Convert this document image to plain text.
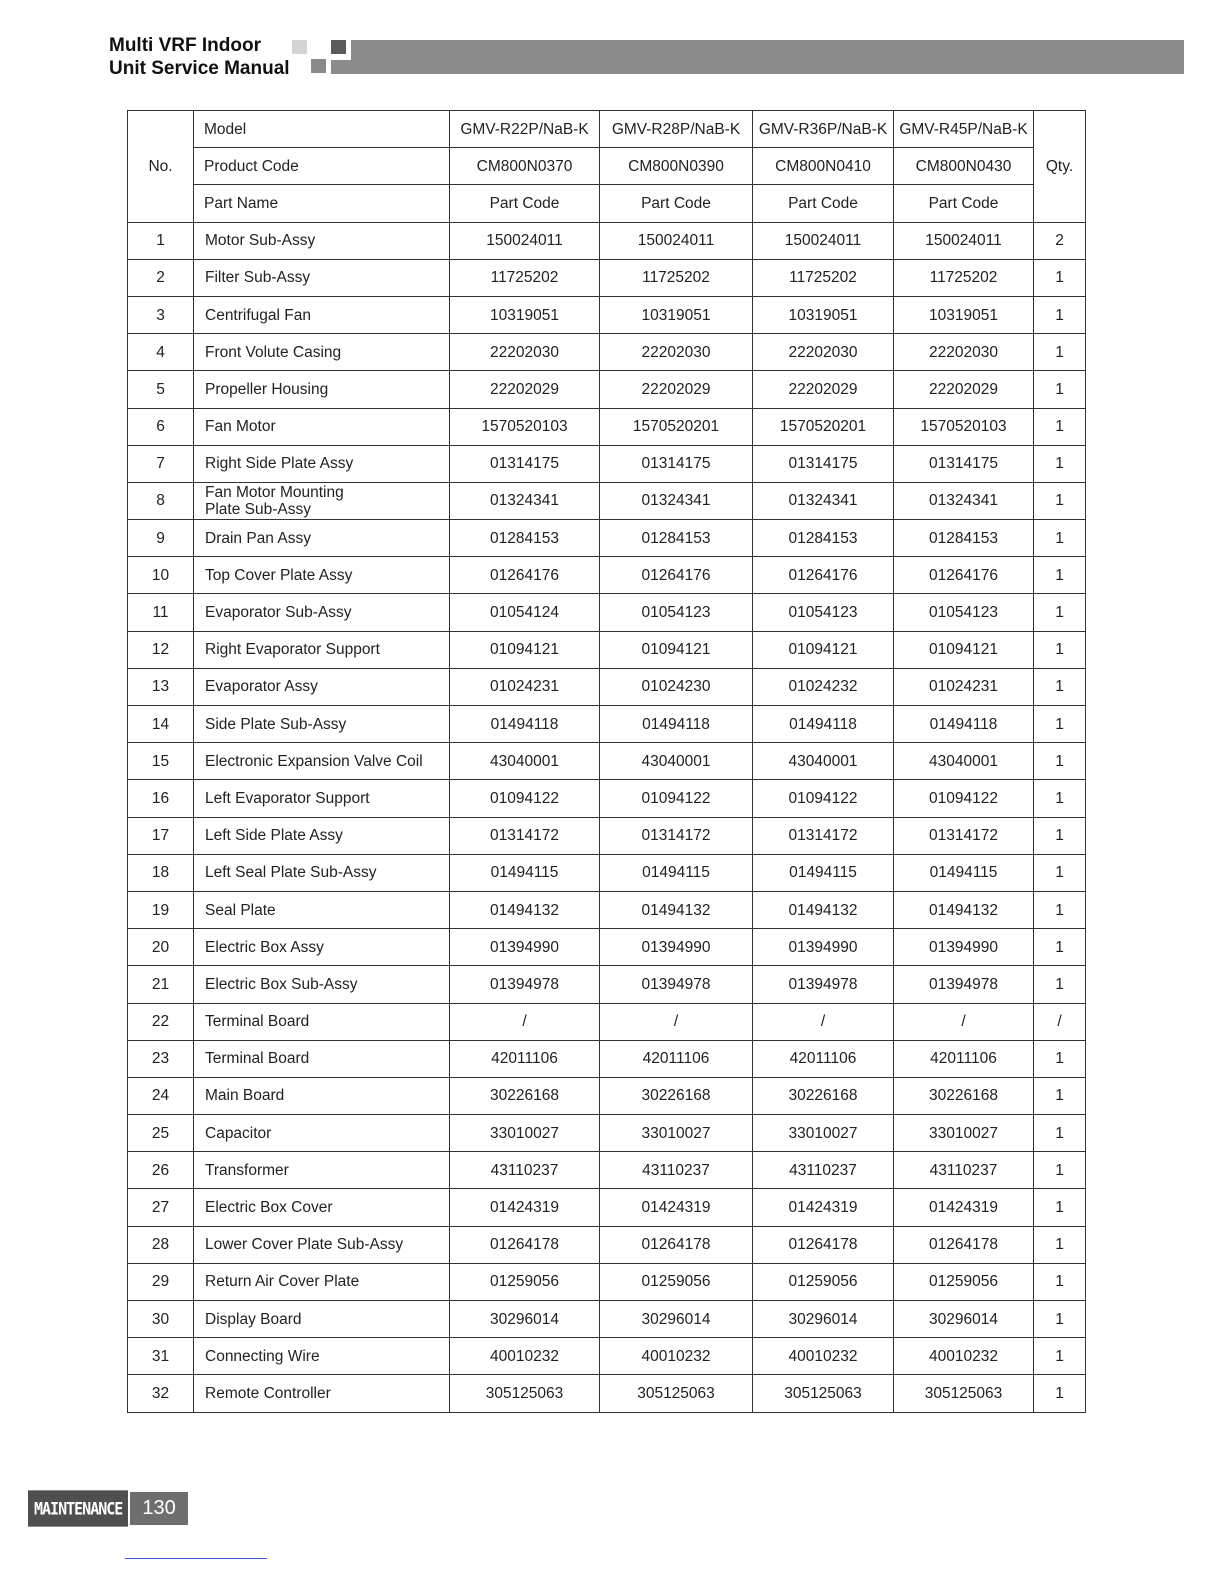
Multi VRF Indoor
Unit Service Manual
No.	Model	GMV-R22P/NaB-K	GMV-R28P/NaB-K	GMV-R36P/NaB-K	GMV-R45P/NaB-K	Qty.
	Product Code	CM800N0370	CM800N0390	CM800N0410	CM800N0430	
	Part Name	Part Code	Part Code	Part Code	Part Code	
1	Motor Sub-Assy	150024011	150024011	150024011	150024011	2
2	Filter Sub-Assy	11725202	11725202	11725202	11725202	1
3	Centrifugal Fan	10319051	10319051	10319051	10319051	1
4	Front Volute Casing	22202030	22202030	22202030	22202030	1
5	Propeller Housing	22202029	22202029	22202029	22202029	1
6	Fan Motor	1570520103	1570520201	1570520201	1570520103	1
7	Right Side Plate Assy	01314175	01314175	01314175	01314175	1
8	Fan Motor Mounting
Plate Sub-Assy	01324341	01324341	01324341	01324341	1
9	Drain Pan Assy	01284153	01284153	01284153	01284153	1
10	Top Cover Plate Assy	01264176	01264176	01264176	01264176	1
11	Evaporator Sub-Assy	01054124	01054123	01054123	01054123	1
12	Right Evaporator Support	01094121	01094121	01094121	01094121	1
13	Evaporator Assy	01024231	01024230	01024232	01024231	1
14	Side Plate Sub-Assy	01494118	01494118	01494118	01494118	1
15	Electronic Expansion Valve Coil	43040001	43040001	43040001	43040001	1
16	Left Evaporator Support	01094122	01094122	01094122	01094122	1
17	Left Side Plate Assy	01314172	01314172	01314172	01314172	1
18	Left Seal Plate Sub-Assy	01494115	01494115	01494115	01494115	1
19	Seal Plate	01494132	01494132	01494132	01494132	1
20	Electric Box Assy	01394990	01394990	01394990	01394990	1
21	Electric Box Sub-Assy	01394978	01394978	01394978	01394978	1
22	Terminal Board	/	/	/	/	/
23	Terminal Board	42011106	42011106	42011106	42011106	1
24	Main Board	30226168	30226168	30226168	30226168	1
25	Capacitor	33010027	33010027	33010027	33010027	1
26	Transformer	43110237	43110237	43110237	43110237	1
27	Electric Box Cover	01424319	01424319	01424319	01424319	1
28	Lower Cover Plate Sub-Assy	01264178	01264178	01264178	01264178	1
29	Return Air Cover Plate	01259056	01259056	01259056	01259056	1
30	Display Board	30296014	30296014	30296014	30296014	1
31	Connecting Wire	40010232	40010232	40010232	40010232	1
32	Remote Controller	305125063	305125063	305125063	305125063	1
MAINTENANCE	130
